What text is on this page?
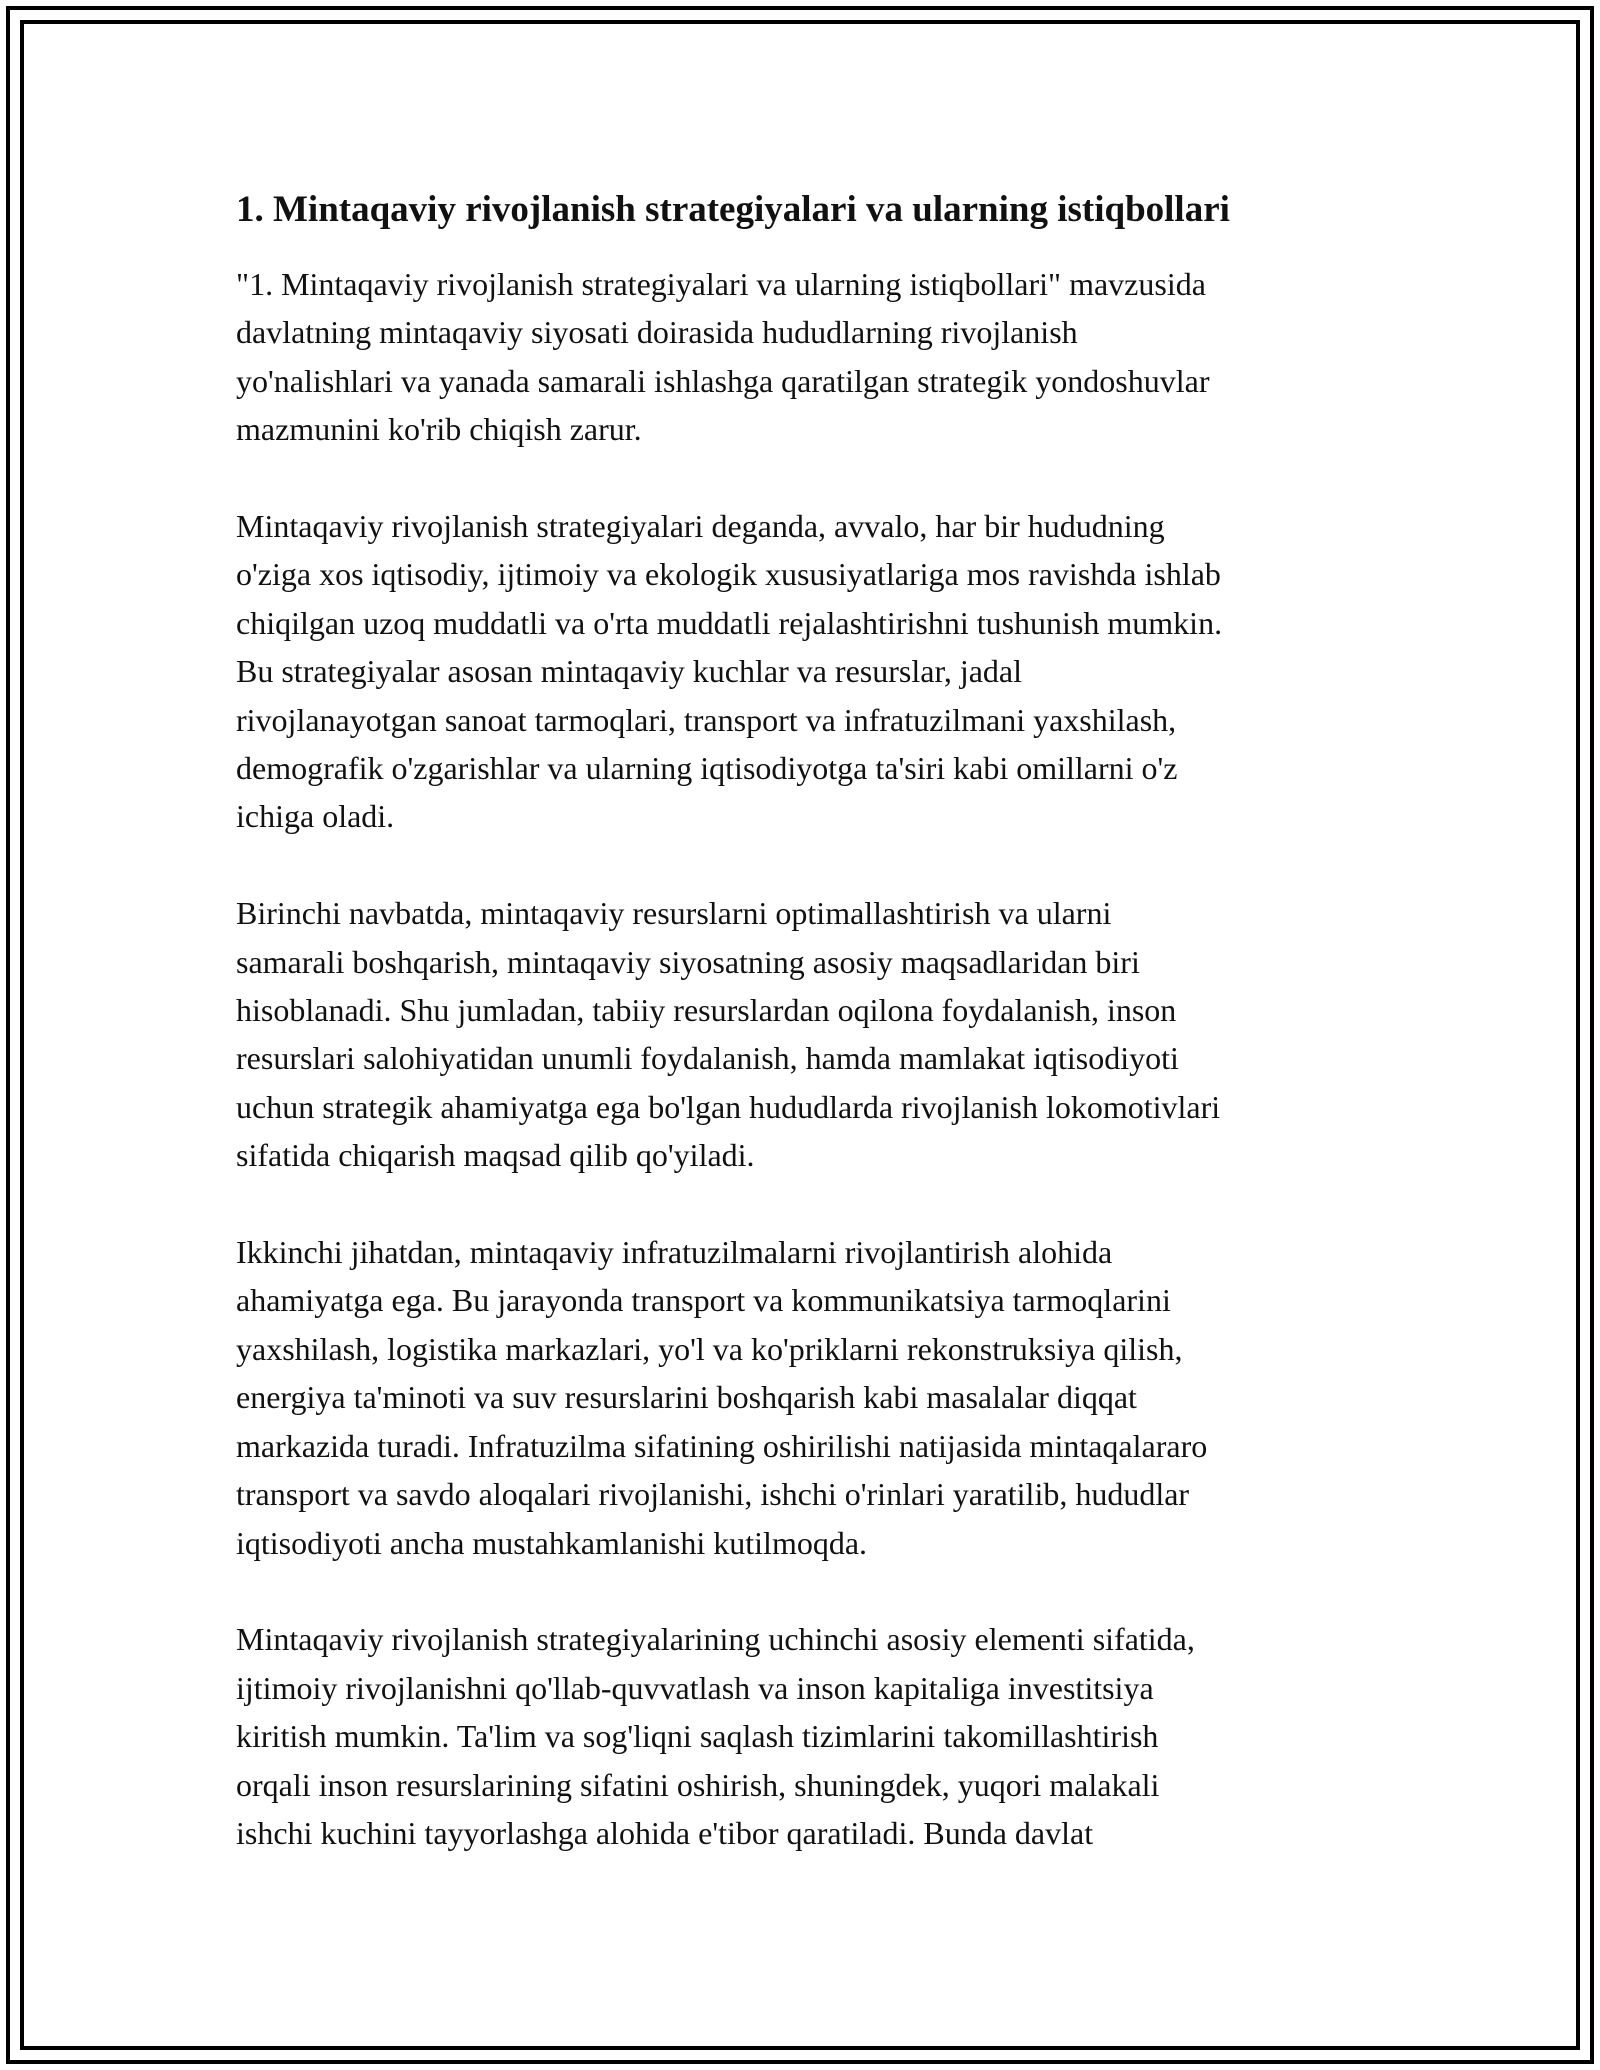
1. Mintaqaviy rivojlanish strategiyalari va ularning istiqbollari
"1. Mintaqaviy rivojlanish strategiyalari va ularning istiqbollari" mavzusida
davlatning mintaqaviy siyosati doirasida hududlarning rivojlanish
yo'nalishlari va yanada samarali ishlashga qaratilgan strategik yondoshuvlar
mazmunini ko'rib chiqish zarur.
Mintaqaviy rivojlanish strategiyalari deganda, avvalo, har bir hududning
o'ziga xos iqtisodiy, ijtimoiy va ekologik xususiyatlariga mos ravishda ishlab
chiqilgan uzoq muddatli va o'rta muddatli rejalashtirishni tushunish mumkin.
Bu strategiyalar asosan mintaqaviy kuchlar va resurslar, jadal
rivojlanayotgan sanoat tarmoqlari, transport va infratuzilmani yaxshilash,
demografik o'zgarishlar va ularning iqtisodiyotga ta'siri kabi omillarni o'z
ichiga oladi.
Birinchi navbatda, mintaqaviy resurslarni optimallashtirish va ularni
samarali boshqarish, mintaqaviy siyosatning asosiy maqsadlaridan biri
hisoblanadi. Shu jumladan, tabiiy resurslardan oqilona foydalanish, inson
resurslari salohiyatidan unumli foydalanish, hamda mamlakat iqtisodiyoti
uchun strategik ahamiyatga ega bo'lgan hududlarda rivojlanish lokomotivlari
sifatida chiqarish maqsad qilib qo'yiladi.
Ikkinchi jihatdan, mintaqaviy infratuzilmalarni rivojlantirish alohida
ahamiyatga ega. Bu jarayonda transport va kommunikatsiya tarmoqlarini
yaxshilash, logistika markazlari, yo'l va ko'priklarni rekonstruksiya qilish,
energiya ta'minoti va suv resurslarini boshqarish kabi masalalar diqqat
markazida turadi. Infratuzilma sifatining oshirilishi natijasida mintaqalararo
transport va savdo aloqalari rivojlanishi, ishchi o'rinlari yaratilib, hududlar
iqtisodiyoti ancha mustahkamlanishi kutilmoqda.
Mintaqaviy rivojlanish strategiyalarining uchinchi asosiy elementi sifatida,
ijtimoiy rivojlanishni qo'llab-quvvatlash va inson kapitaliga investitsiya
kiritish mumkin. Ta'lim va sog'liqni saqlash tizimlarini takomillashtirish
orqali inson resurslarining sifatini oshirish, shuningdek, yuqori malakali
ishchi kuchini tayyorlashga alohida e'tibor qaratiladi. Bunda davlat
